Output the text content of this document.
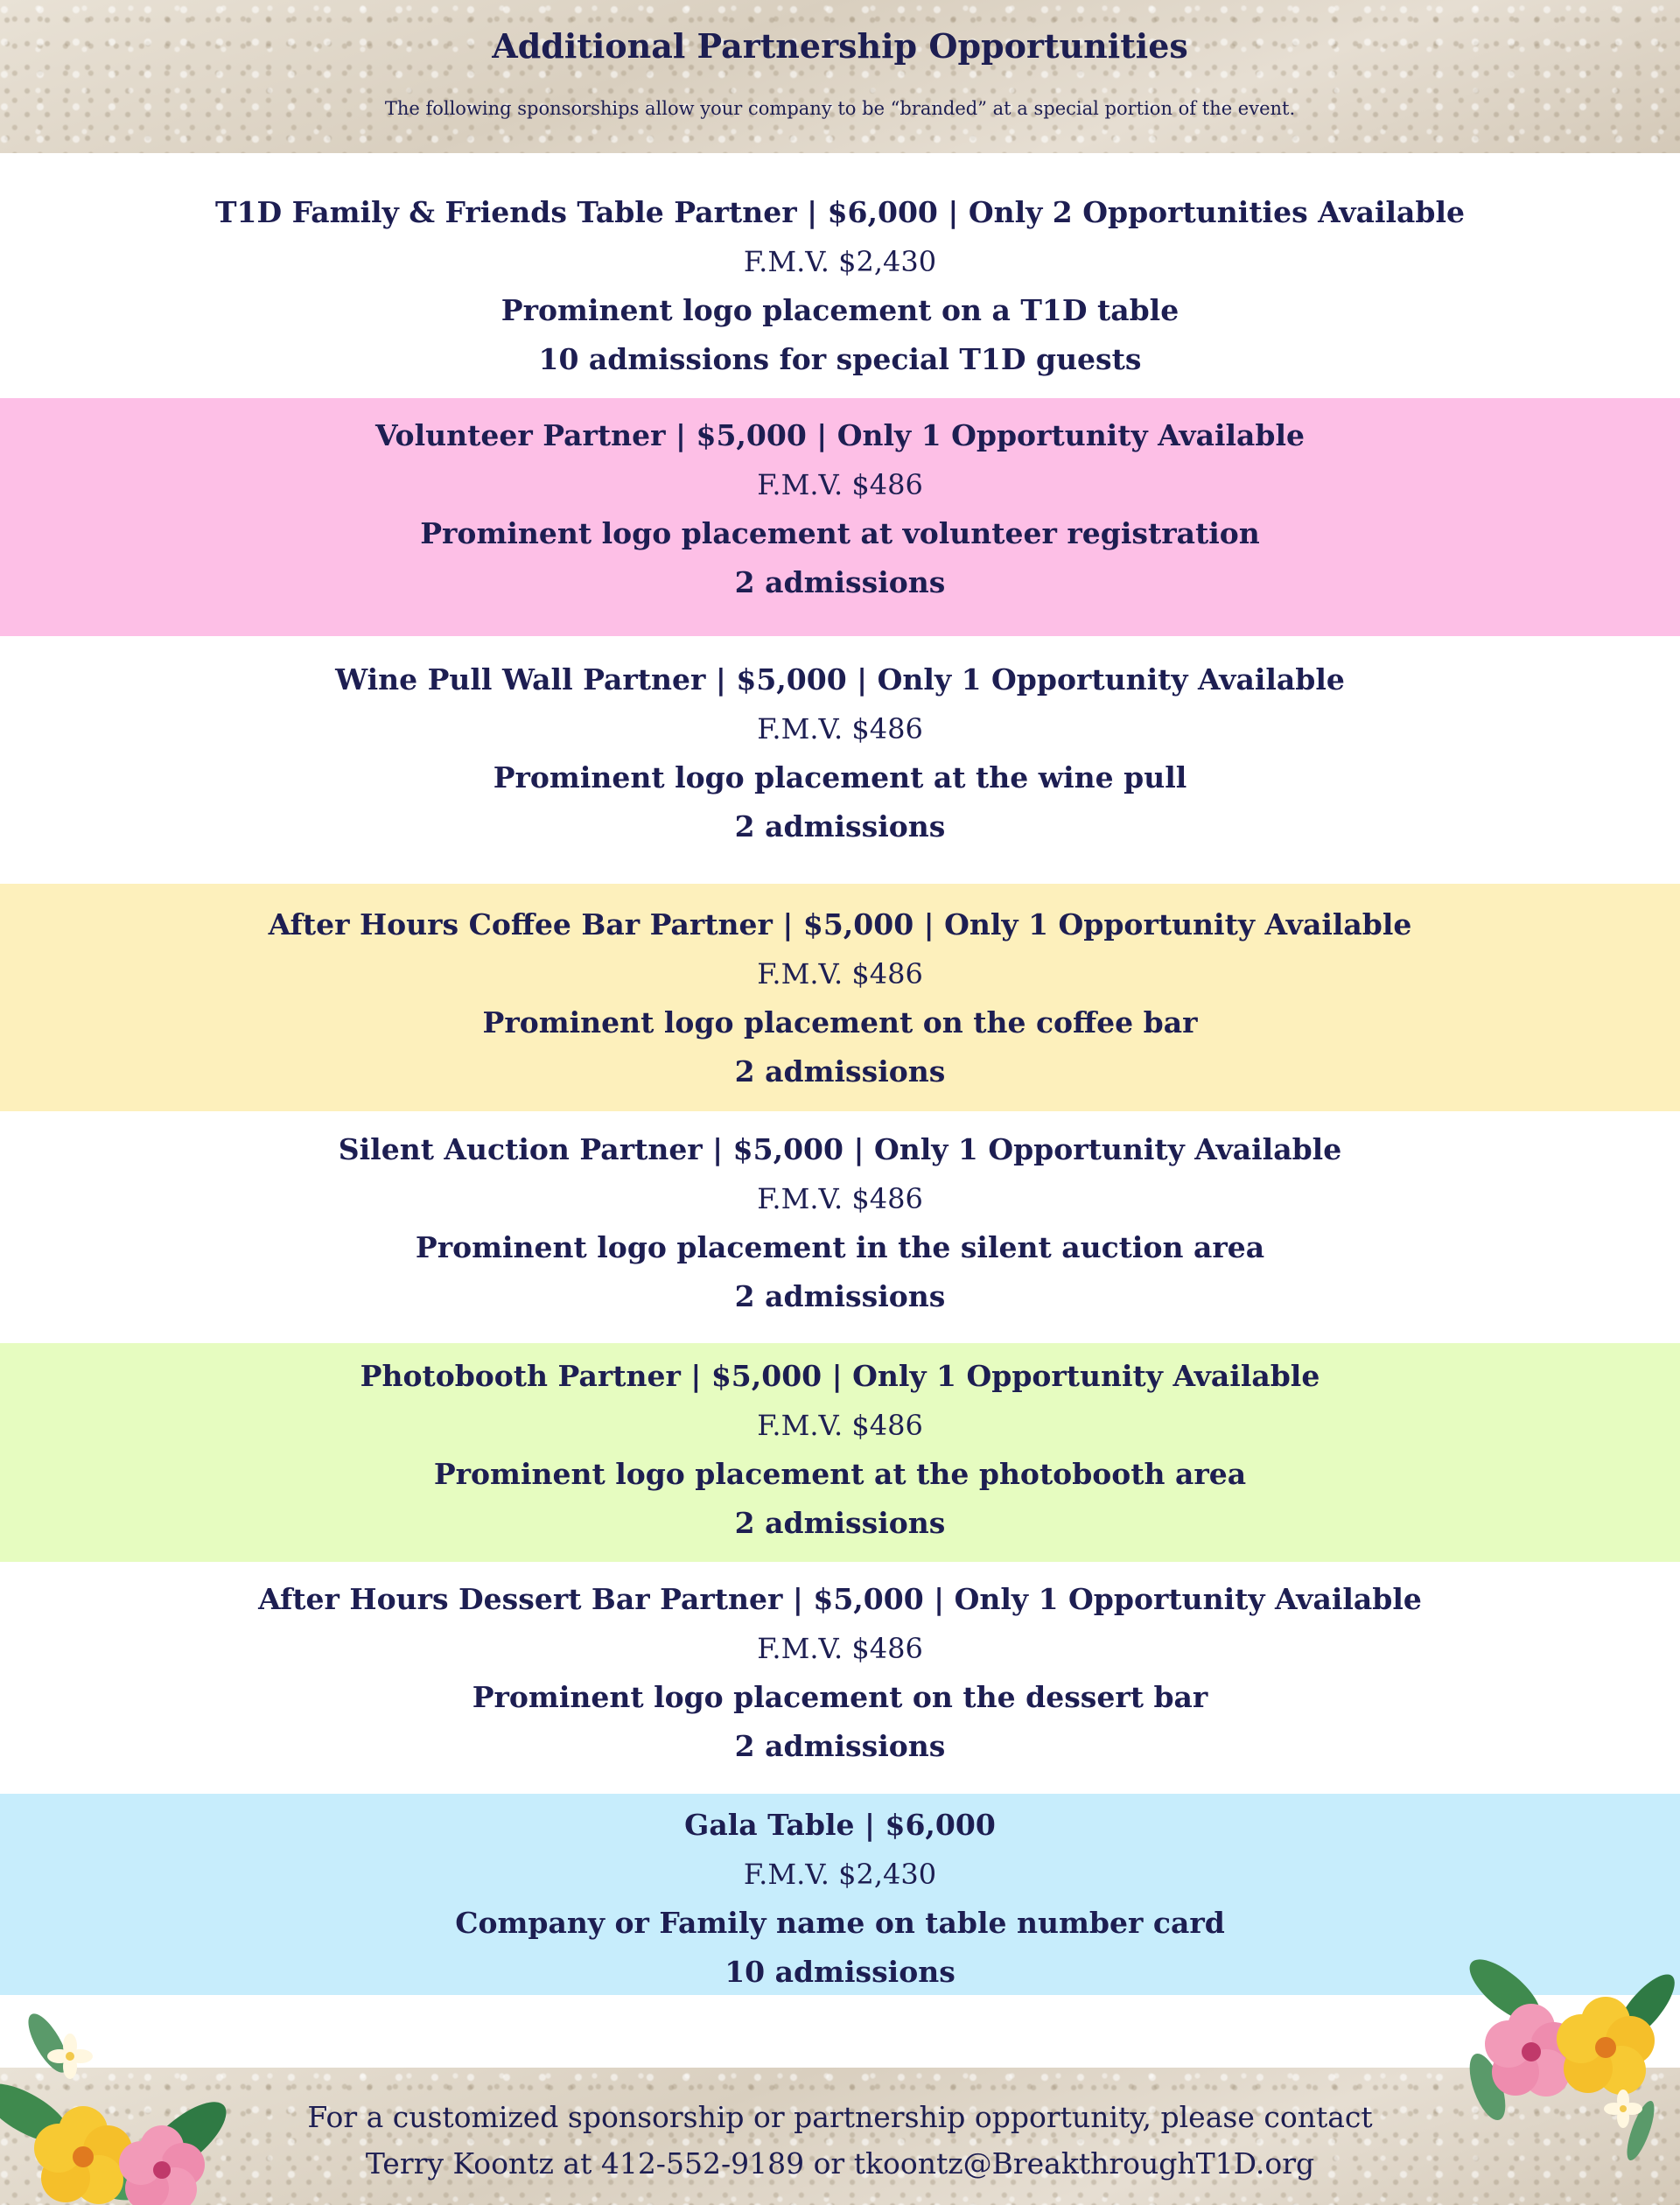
Additional Partnership Opportunities

The following sponsorships allow your company to be “branded” at a special portion of the event.

T1D Family & Friends Table Partner | $6,000 | Only 2 Opportunities Available
F.M.V. $2,430
Prominent logo placement on a T1D table
10 admissions for special T1D guests
Volunteer Partner | $5,000 | Only 1 Opportunity Available
F.M.V. $486
Prominent logo placement at volunteer registration
2 admissions
Wine Pull Wall Partner | $5,000 | Only 1 Opportunity Available
F.M.V. $486
Prominent logo placement at the wine pull
2 admissions
After Hours Coffee Bar Partner | $5,000 | Only 1 Opportunity Available
F.M.V. $486
Prominent logo placement on the coffee bar
2 admissions
Silent Auction Partner | $5,000 | Only 1 Opportunity Available
F.M.V. $486
Prominent logo placement in the silent auction area
2 admissions
Photobooth Partner | $5,000 | Only 1 Opportunity Available
F.M.V. $486
Prominent logo placement at the photobooth area
2 admissions
After Hours Dessert Bar Partner | $5,000 | Only 1 Opportunity Available
F.M.V. $486
Prominent logo placement on the dessert bar
2 admissions
Gala Table | $6,000
F.M.V. $2,430
Company or Family name on table number card
10 admissions
For a customized sponsorship or partnership opportunity, please contact
Terry Koontz at 412-552-9189 or tkoontz@BreakthroughT1D.org
